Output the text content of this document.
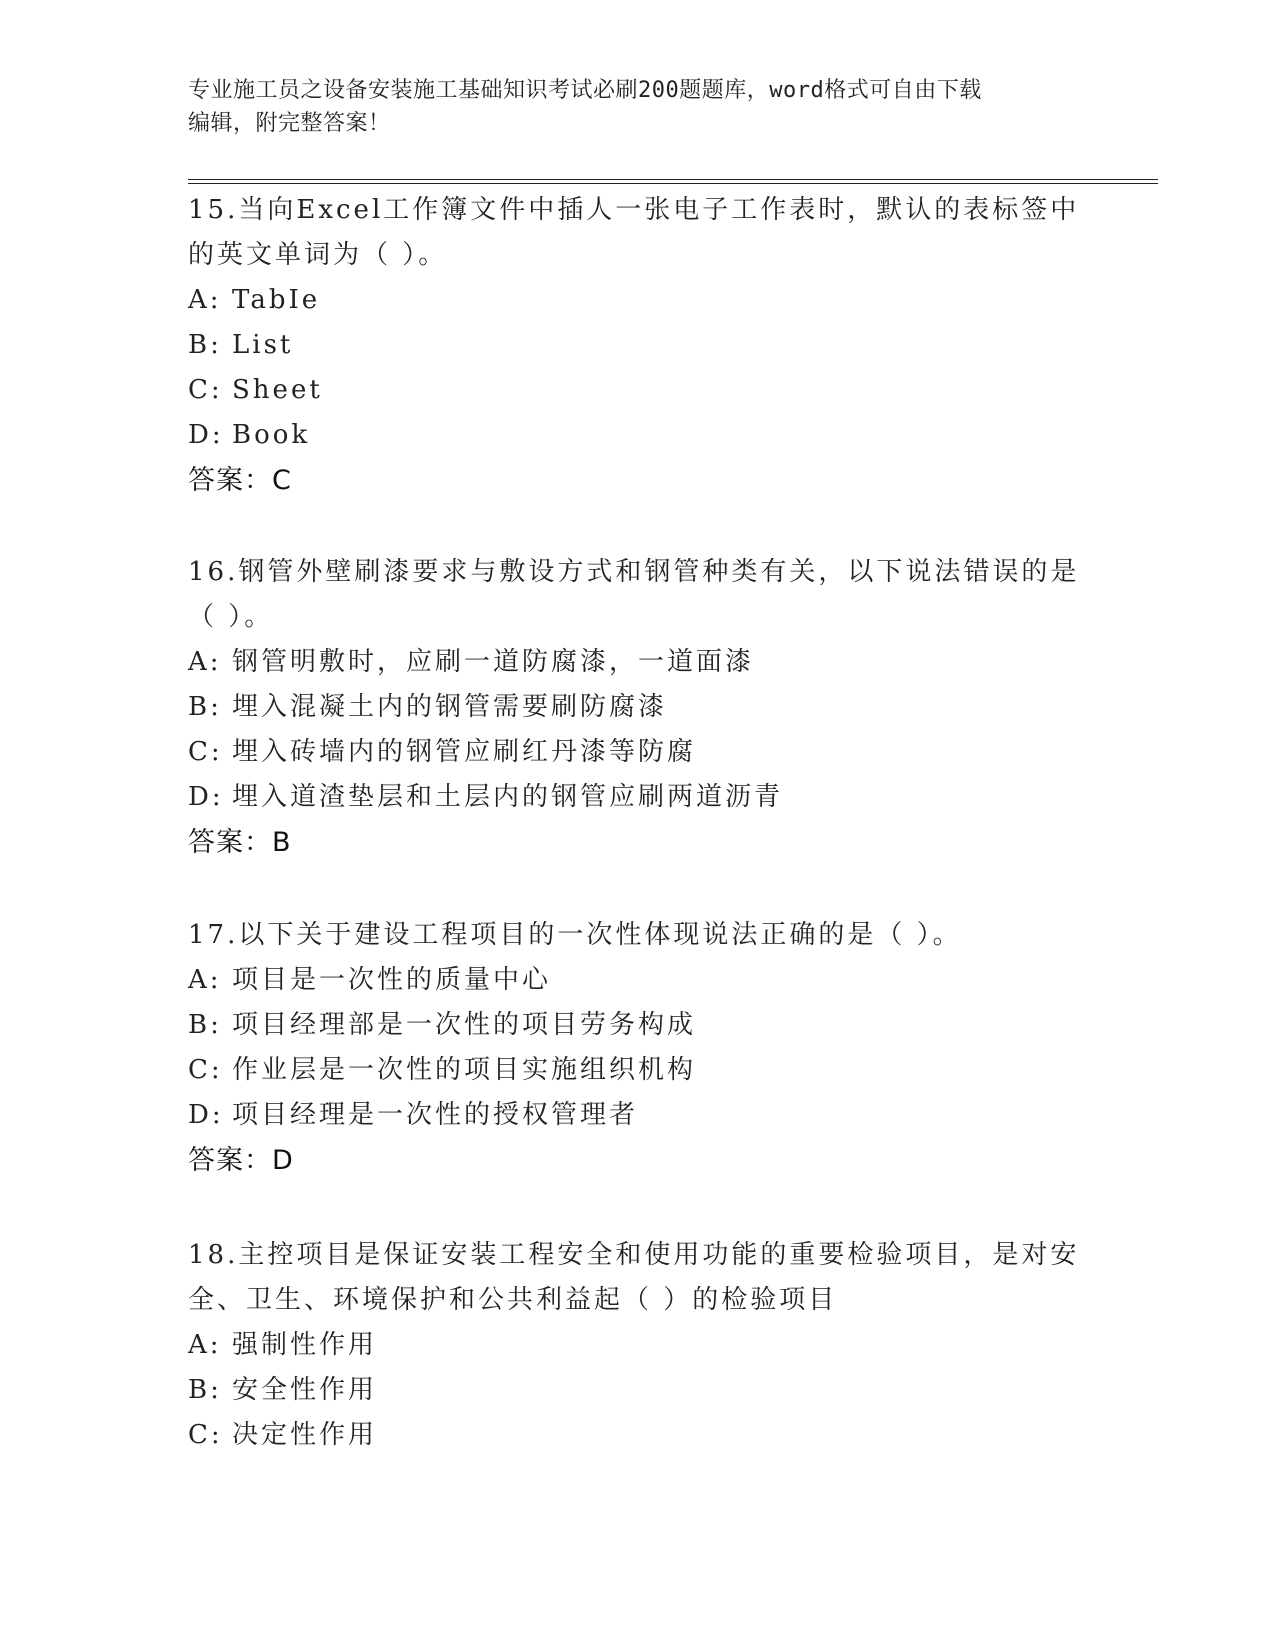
专业施工员之设备安装施工基础知识考试必刷200题题库，word格式可自由下载
编辑，附完整答案！
15.当向Excel工作簿文件中插人一张电子工作表时，默认的表标签中
的英文单词为（ ）。
A: TabIe
B: List
C: Sheet
D: Book
答案：C
16.钢管外壁刷漆要求与敷设方式和钢管种类有关，以下说法错误的是
（ ）。
A: 钢管明敷时，应刷一道防腐漆，一道面漆
B: 埋入混凝土内的钢管需要刷防腐漆
C: 埋入砖墙内的钢管应刷红丹漆等防腐
D: 埋入道渣垫层和土层内的钢管应刷两道沥青
答案：B
17.以下关于建设工程项目的一次性体现说法正确的是（ ）。
A: 项目是一次性的质量中心
B: 项目经理部是一次性的项目劳务构成
C: 作业层是一次性的项目实施组织机构
D: 项目经理是一次性的授权管理者
答案：D
18.主控项目是保证安装工程安全和使用功能的重要检验项目，是对安
全、卫生、环境保护和公共利益起（ ）的检验项目
A: 强制性作用
B: 安全性作用
C: 决定性作用
